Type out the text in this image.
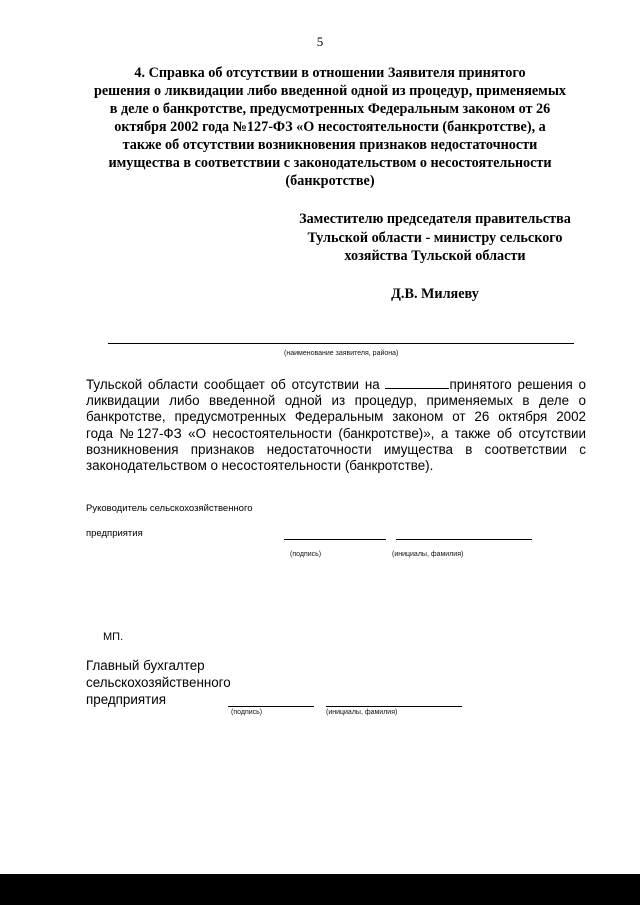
5
4. Справка об отсутствии в отношении Заявителя принятого
решения о ликвидации либо введенной одной из процедур, применяемых
в деле о банкротстве, предусмотренных Федеральным законом от 26
октября 2002 года №127-ФЗ «О несостоятельности (банкротстве), а
также об отсутствии возникновения признаков недостаточности
имущества в соответствии с законодательством о несостоятельности
(банкротстве)
Заместителю председателя правительства
Тульской области - министру сельского
хозяйства Тульской области
Д.В. Миляеву
(наименование заявителя, района)
Тульской области сообщает об отсутствии на	принятого решения о
ликвидации либо введенной одной из процедур, применяемых в деле о
банкротстве, предусмотренных Федеральным законом от 26 октября 2002
года №127-ФЗ «О несостоятельности (банкротстве)», а также об отсутствии
возникновения признаков недостаточности имущества в соответствии с
законодательством о несостоятельности (банкротстве).
Руководитель сельскохозяйственного
предприятия
(подпись)	(инициалы, фамилия)
МП.
Главный бухгалтер
сельскохозяйственного
предприятия
(подпись)	(инициалы, фамилия)
